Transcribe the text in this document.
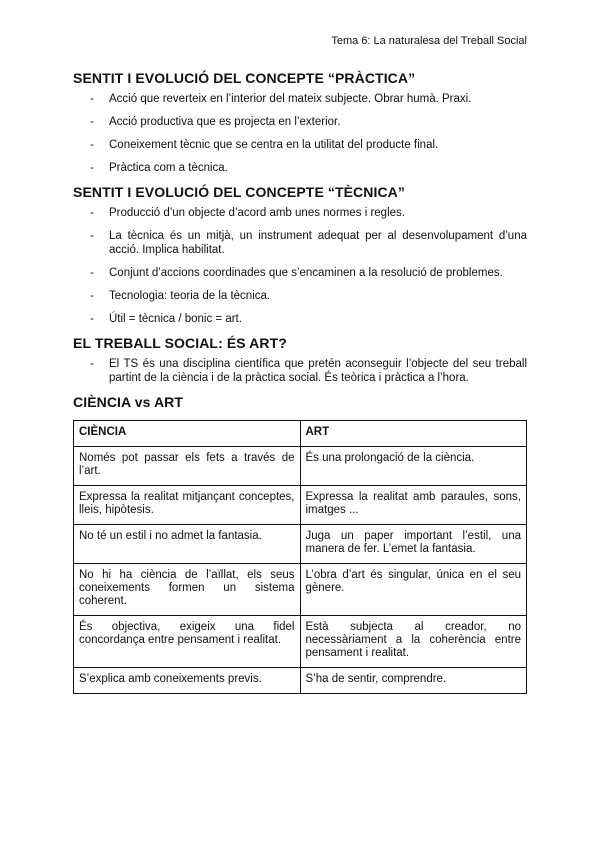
Tema 6: La naturalesa del Treball Social
SENTIT I EVOLUCIÓ DEL CONCEPTE “PRÀCTICA”
- Acció que reverteix en l’interior del mateix subjecte. Obrar humà. Praxi.
- Acció productiva que es projecta en l’exterior.
- Coneixement tècnic que se centra en la utilitat del producte final.
- Pràctica com a tècnica.
SENTIT I EVOLUCIÓ DEL CONCEPTE “TÈCNICA”
- Producció d’un objecte d’acord amb unes normes i regles.
- La tècnica és un mitjà, un instrument adequat per al desenvolupament d’una acció. Implica habilitat.
- Conjunt d’accions coordinades que s’encaminen a la resolució de problemes.
- Tecnologia: teoria de la tècnica.
- Útil = tècnica / bonic = art.
EL TREBALL SOCIAL: ÉS ART?
- El TS és una disciplina científica que pretén aconseguir l’objecte del seu treball partint de la ciència i de la pràctica social. És teòrica i pràctica a l’hora.
CIÈNCIA vs ART
CIÈNCIA	ART
Només pot passar els fets a través de l’art.	És una prolongació de la ciència.
Expressa la realitat mitjançant conceptes, lleis, hipòtesis.	Expressa la realitat amb paraules, sons, imatges ...
No té un estil i no admet la fantasia.	Juga un paper important l’estil, una manera de fer. L’emet la fantasia.
No hi ha ciència de l’aïllat, els seus coneixements formen un sistema coherent.	L’obra d’art és singular, única en el seu gènere.
És objectiva, exigeix una fidel concordança entre pensament i realitat.	Està subjecta al creador, no necessàriament a la coherència entre pensament i realitat.
S’explica amb coneixements previs.	S’ha de sentir, comprendre.
